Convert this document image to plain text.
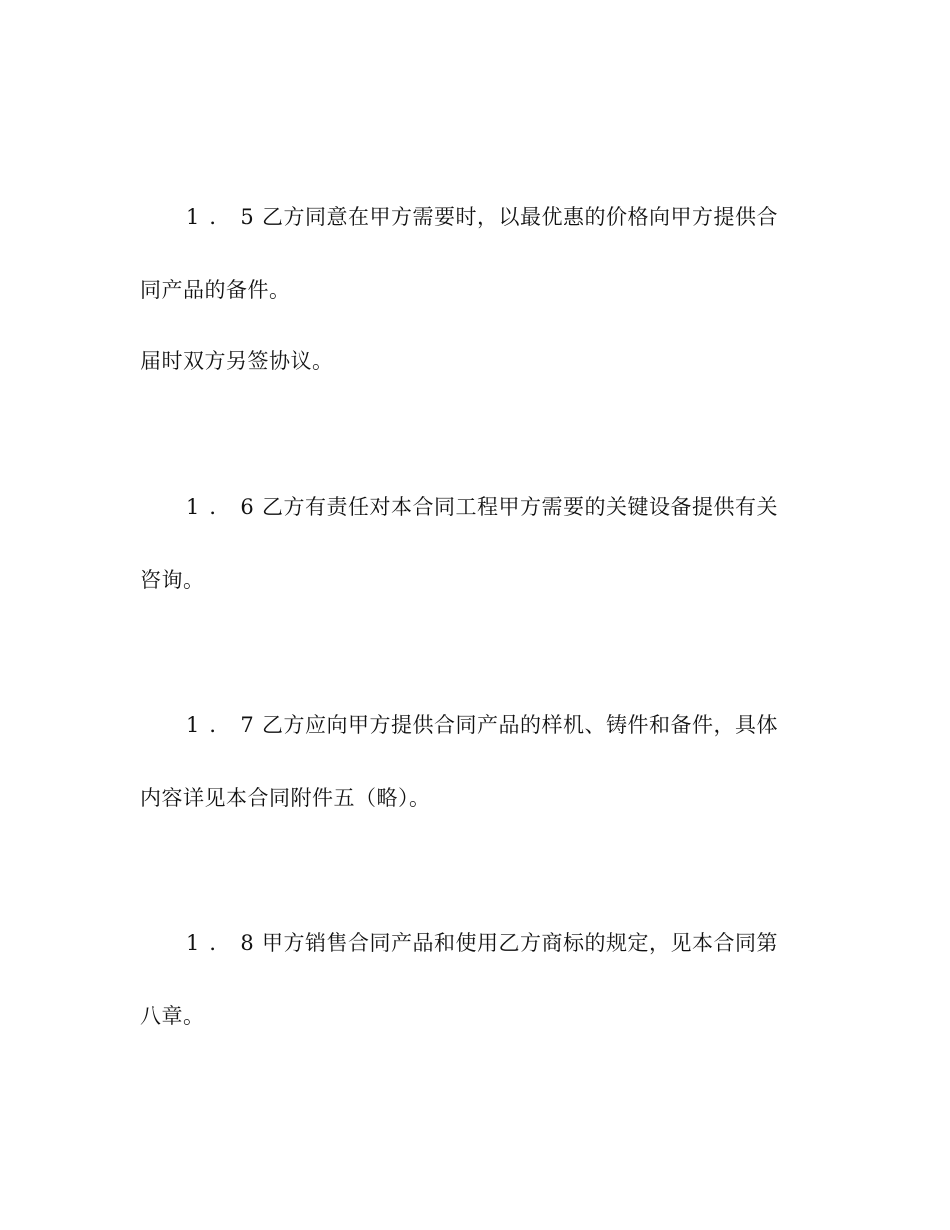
1．5乙方同意在甲方需要时，以最优惠的价格向甲方提供合
同产品的备件。
届时双方另签协议。
1．6乙方有责任对本合同工程甲方需要的关键设备提供有关
咨询。
1．7乙方应向甲方提供合同产品的样机、铸件和备件，具体
内容详见本合同附件五（略）。
1．8甲方销售合同产品和使用乙方商标的规定，见本合同第
八章。
